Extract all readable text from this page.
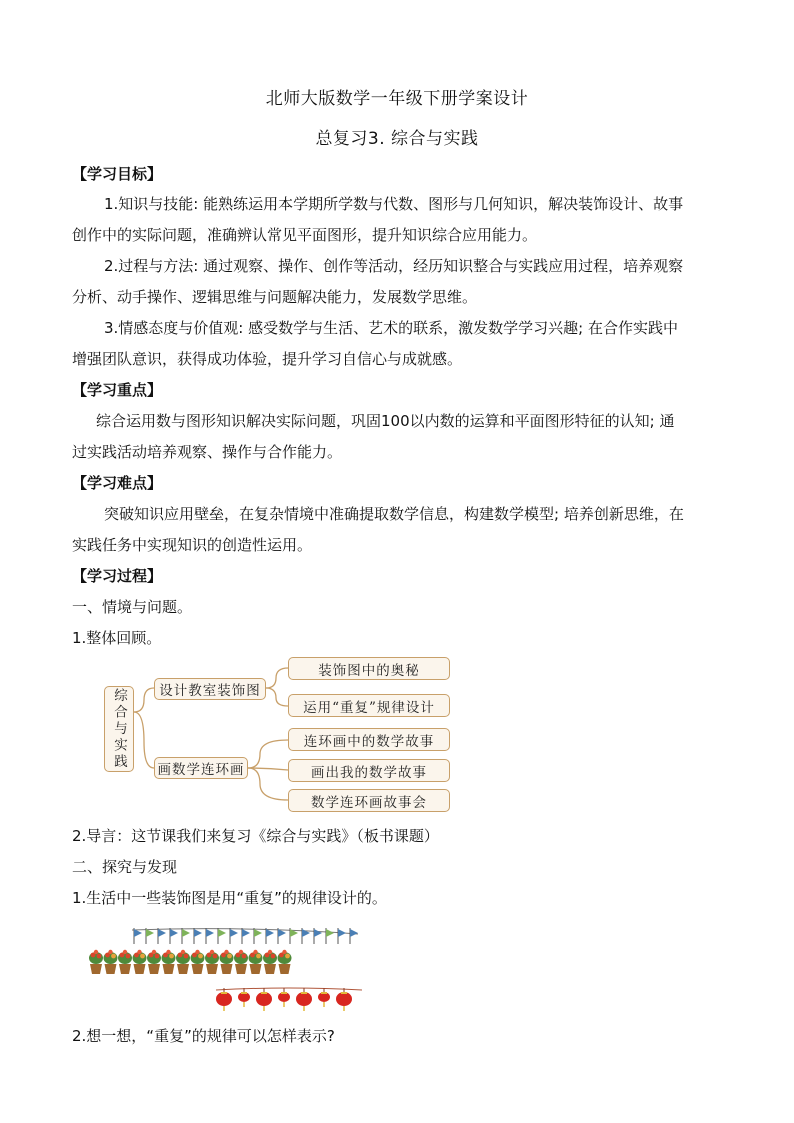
北师大版数学一年级下册学案设计
总复习3. 综合与实践
【学习目标】
1.知识与技能: 能熟练运用本学期所学数与代数、图形与几何知识，解决装饰设计、故事
创作中的实际问题，准确辨认常见平面图形，提升知识综合应用能力。
2.过程与方法: 通过观察、操作、创作等活动，经历知识整合与实践应用过程，培养观察
分析、动手操作、逻辑思维与问题解决能力，发展数学思维。
3.情感态度与价值观: 感受数学与生活、艺术的联系，激发数学学习兴趣; 在合作实践中
增强团队意识，获得成功体验，提升学习自信心与成就感。
【学习重点】
综合运用数与图形知识解决实际问题，巩固100以内数的运算和平面图形特征的认知; 通
过实践活动培养观察、操作与合作能力。
【学习难点】
突破知识应用壁垒，在复杂情境中准确提取数学信息，构建数学模型; 培养创新思维，在
实践任务中实现知识的创造性运用。
【学习过程】
一、情境与问题。
1.整体回顾。
综合与实践	设计教室装饰图
画数学连环画
装饰图中的奥秘
运用“重复”规律设计
连环画中的数学故事
画出我的数学故事
数学连环画故事会
2.导言：这节课我们来复习《综合与实践》（板书课题）
二、探究与发现
1.生活中一些装饰图是用“重复”的规律设计的。
2.想一想，“重复”的规律可以怎样表示?
